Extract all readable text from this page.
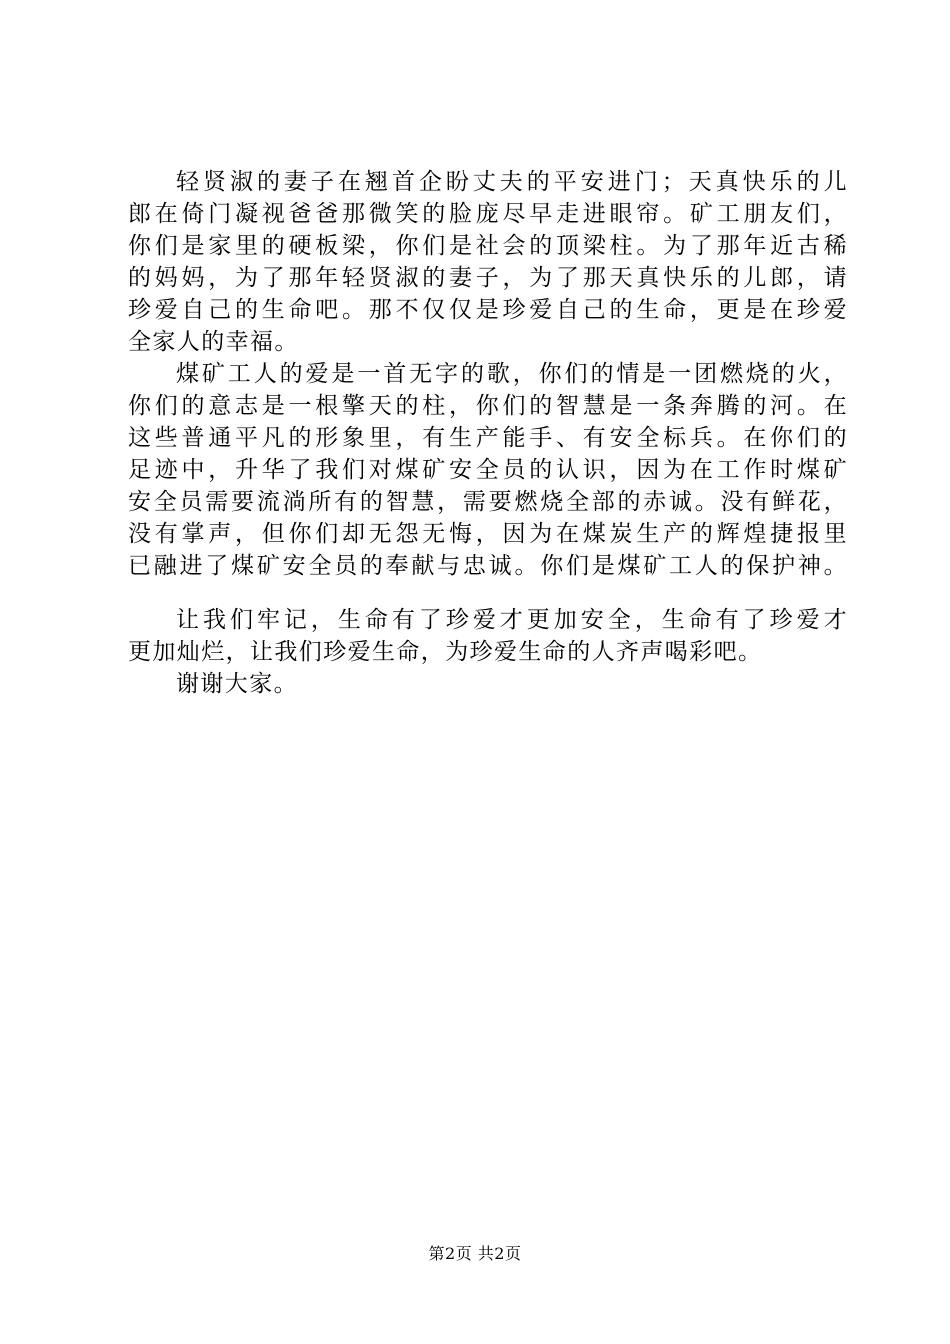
轻贤淑的妻子在翘首企盼丈夫的平安进门；天真快乐的儿
郎在倚门凝视爸爸那微笑的脸庞尽早走进眼帘。矿工朋友们，
你们是家里的硬板梁，你们是社会的顶梁柱。为了那年近古稀
的妈妈，为了那年轻贤淑的妻子，为了那天真快乐的儿郎，请
珍爱自己的生命吧。那不仅仅是珍爱自己的生命，更是在珍爱
全家人的幸福。
煤矿工人的爱是一首无字的歌，你们的情是一团燃烧的火，
你们的意志是一根擎天的柱，你们的智慧是一条奔腾的河。在
这些普通平凡的形象里，有生产能手、有安全标兵。在你们的
足迹中，升华了我们对煤矿安全员的认识，因为在工作时煤矿
安全员需要流淌所有的智慧，需要燃烧全部的赤诚。没有鲜花，
没有掌声，但你们却无怨无悔，因为在煤炭生产的辉煌捷报里
已融进了煤矿安全员的奉献与忠诚。你们是煤矿工人的保护神。
让我们牢记，生命有了珍爱才更加安全，生命有了珍爱才
更加灿烂，让我们珍爱生命，为珍爱生命的人齐声喝彩吧。
谢谢大家。
第2页 共2页
